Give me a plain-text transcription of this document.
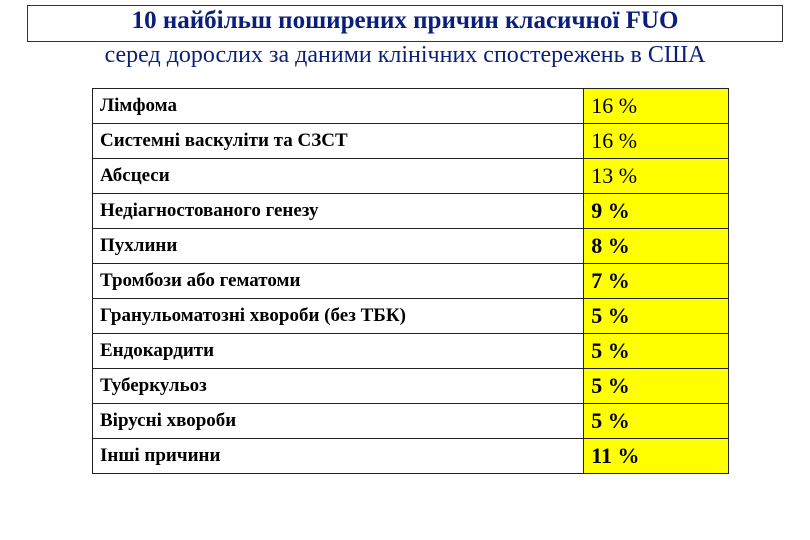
10 найбільш поширених причин класичної FUO
серед дорослих за даними клінічних спостережень в США
Лімфома	16 %
Системні васкуліти та СЗСТ	16 %
Абсцеси	13 %
Недіагностованого генезу	9 %
Пухлини	8 %
Тромбози або гематоми	7 %
Гранульоматозні хвороби (без ТБК)	5 %
Ендокардити	5 %
Туберкульоз	5 %
Вірусні хвороби	5 %
Інші причини	11 %
